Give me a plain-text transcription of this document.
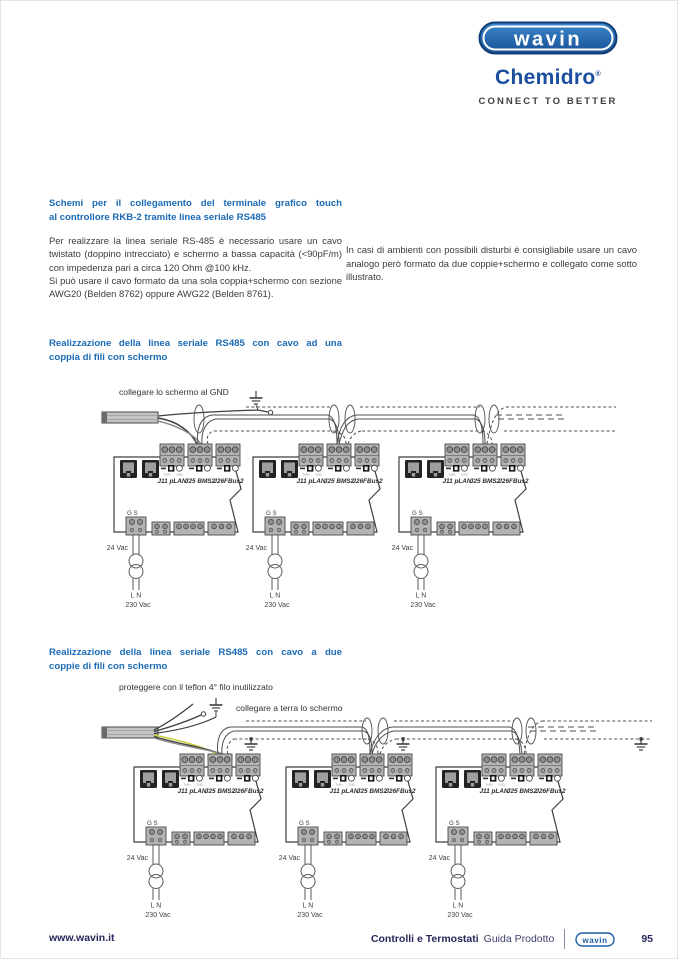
wavin
Chemidro®
CONNECT TO BETTER
Schemi per il collegamento del terminale grafico touch
al controllore RKB-2 tramite linea seriale RS485

Per realizzare la linea seriale RS-485 è necessario usare un cavo twistato (doppino intrecciato) e schermo a bassa capacità (<90pF/m) con impedenza pari a circa 120 Ohm @100 kHz.

Si può usare il cavo formato da una sola coppia+schermo con sezione AWG20 (Belden 8762) oppure AWG22 (Belden 8761).

In casi di ambienti con possibili disturbi è consigliabile usare un cavo analogo però formato da due coppie+schermo e collegato come sotto illustrato.

Realizzazione della linea seriale RS485 con cavo ad una
coppia di fili con schermo
collegare lo schermo al GND
Realizzazione della linea seriale RS485 con cavo a due
coppie di fili con schermo
proteggere con il teflon 4° filo inutilizzato
collegare a terra lo schermo
www.wavin.it	Controlli e Termostati Guida Prodotto	wavin	95
